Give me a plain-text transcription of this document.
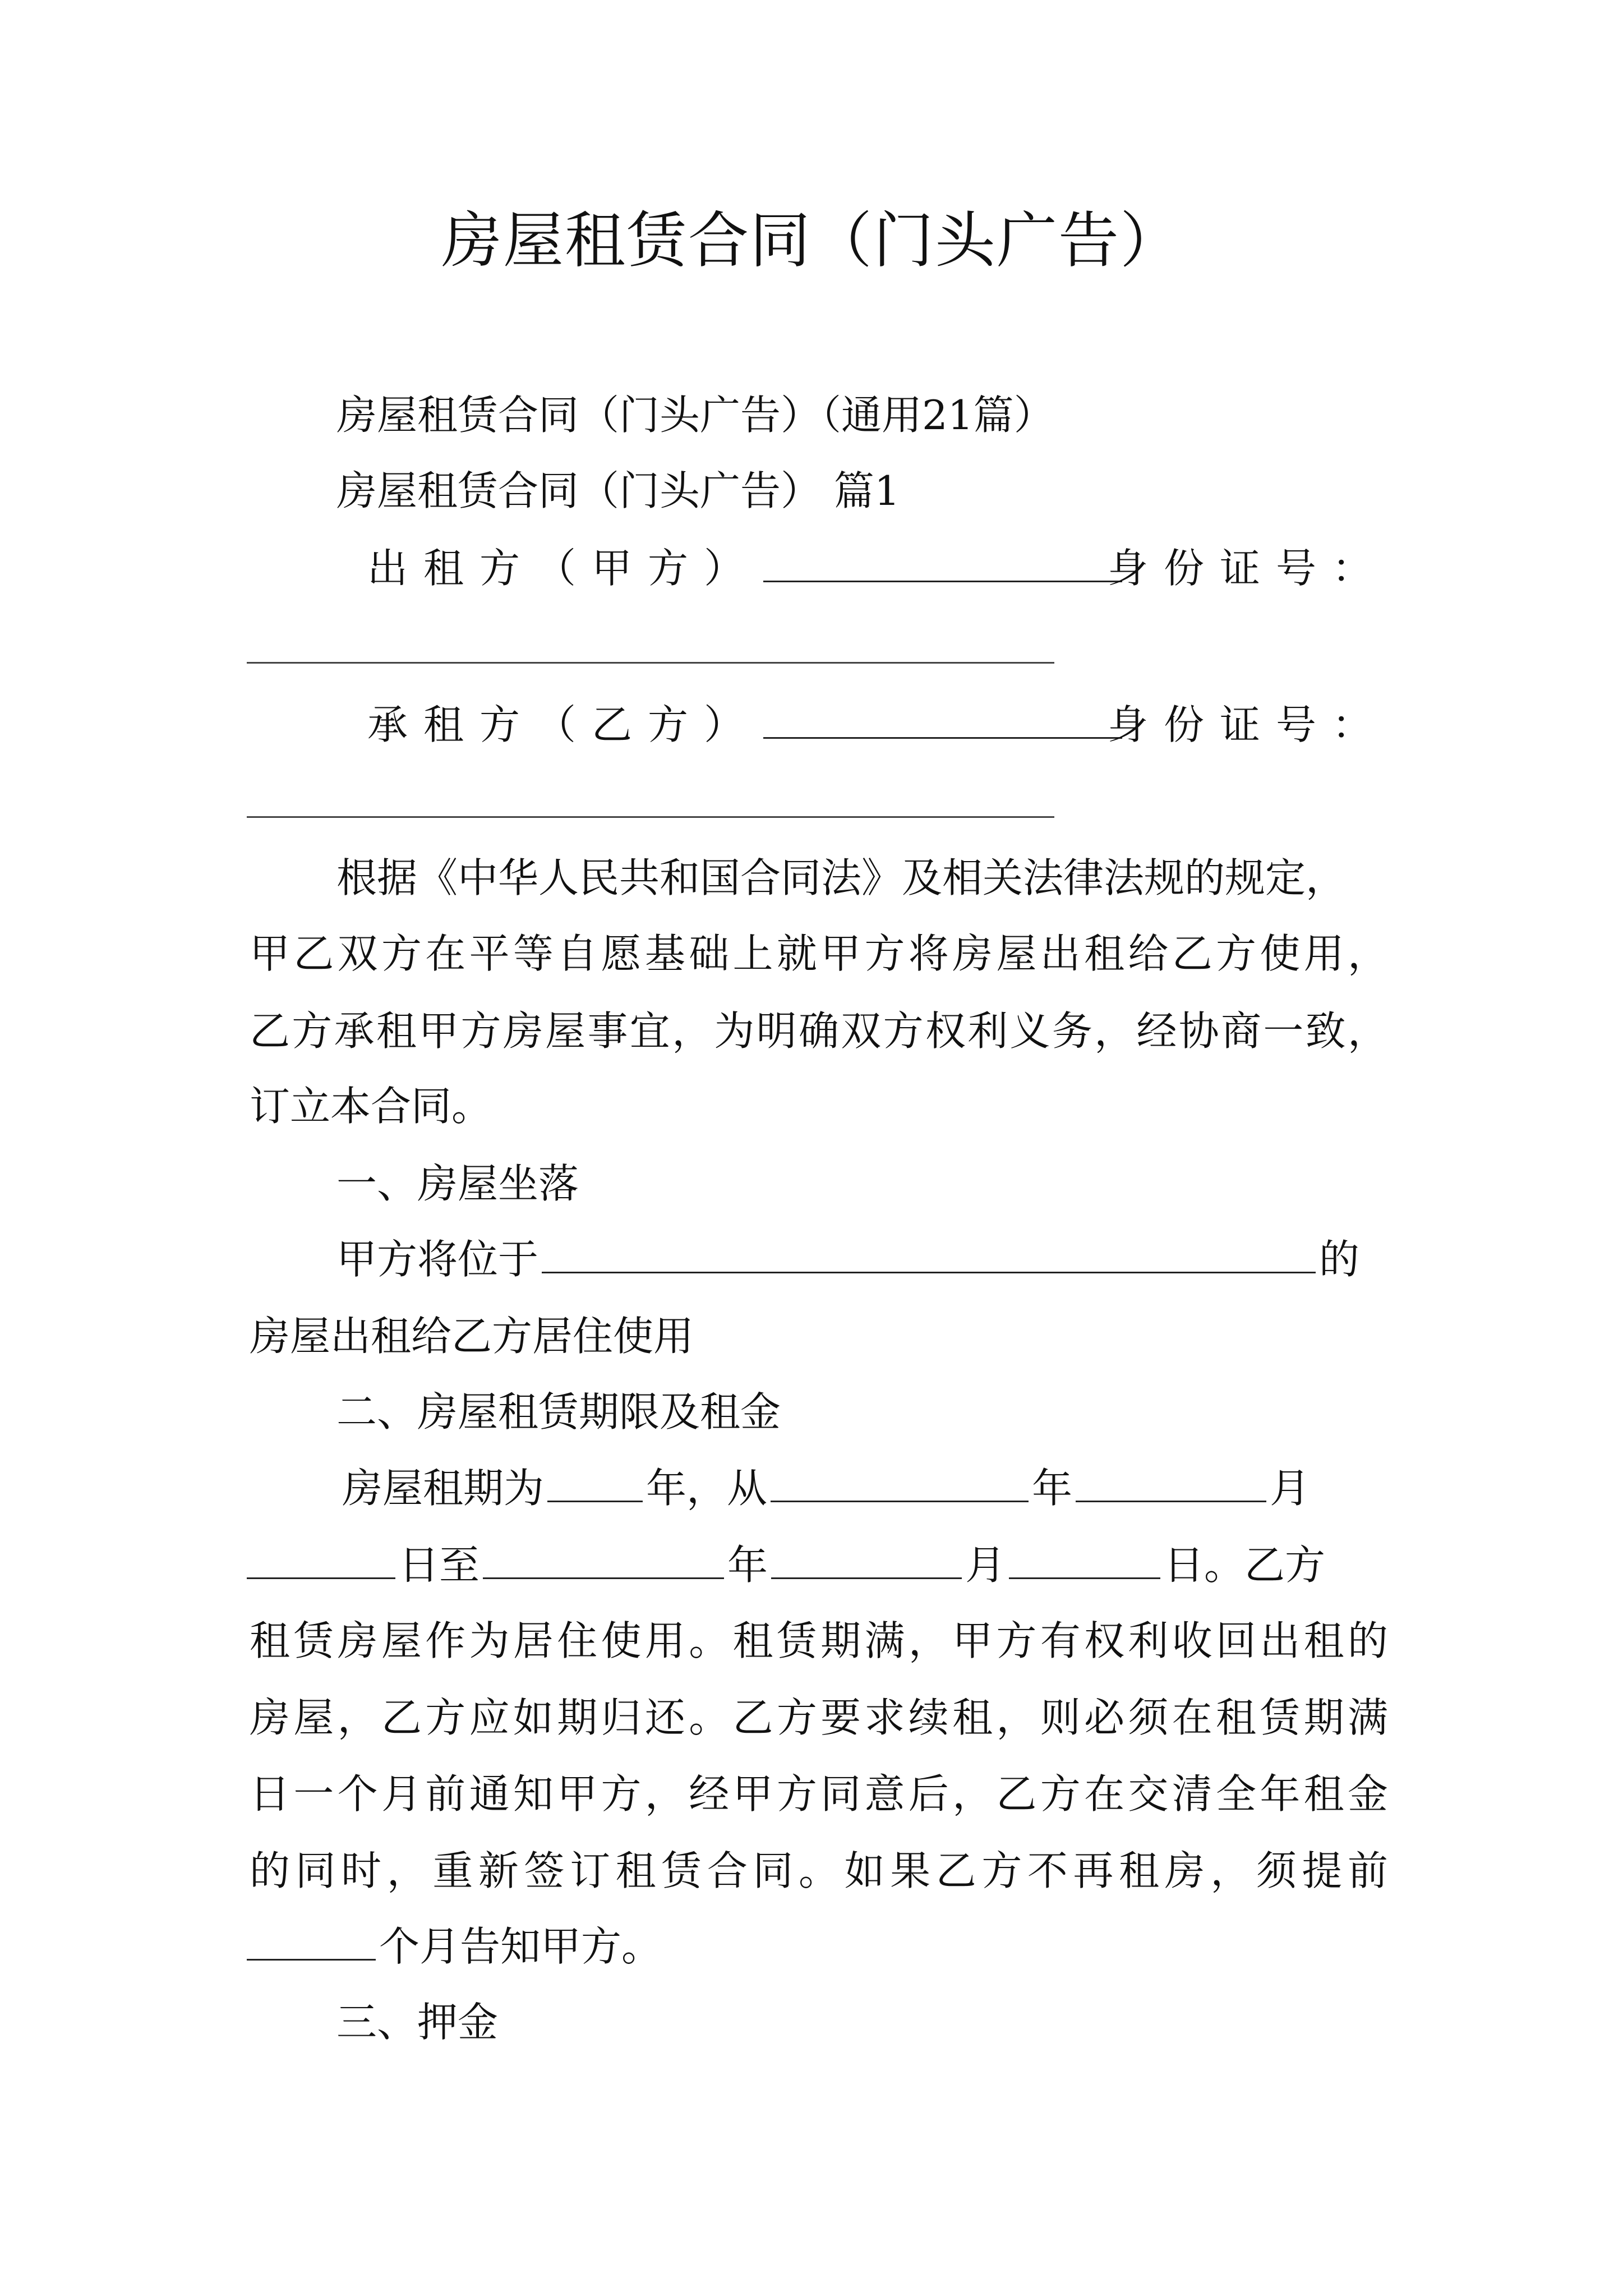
房屋租赁合同（门头广告）
房屋租赁合同（门头广告）（通用21篇）
房屋租赁合同（门头广告） 篇1
出租方（甲方）	身份证号：
承租方（乙方）	身份证号：
根据《中华人民共和国合同法》及相关法律法规的规定，
甲乙双方在平等自愿基础上就甲方将房屋出租给乙方使用，
乙方承租甲方房屋事宜，为明确双方权利义务，经协商一致，
订立本合同。
一、房屋坐落
甲方将位于	的
房屋出租给乙方居住使用
二、房屋租赁期限及租金
房屋租期为	年，从	年	月
日至	年	月	日。乙方
租赁房屋作为居住使用。租赁期满，甲方有权利收回出租的
房屋，乙方应如期归还。乙方要求续租，则必须在租赁期满
日一个月前通知甲方，经甲方同意后，乙方在交清全年租金
的同时，重新签订租赁合同。如果乙方不再租房，须提前
个月告知甲方。
三、押金
